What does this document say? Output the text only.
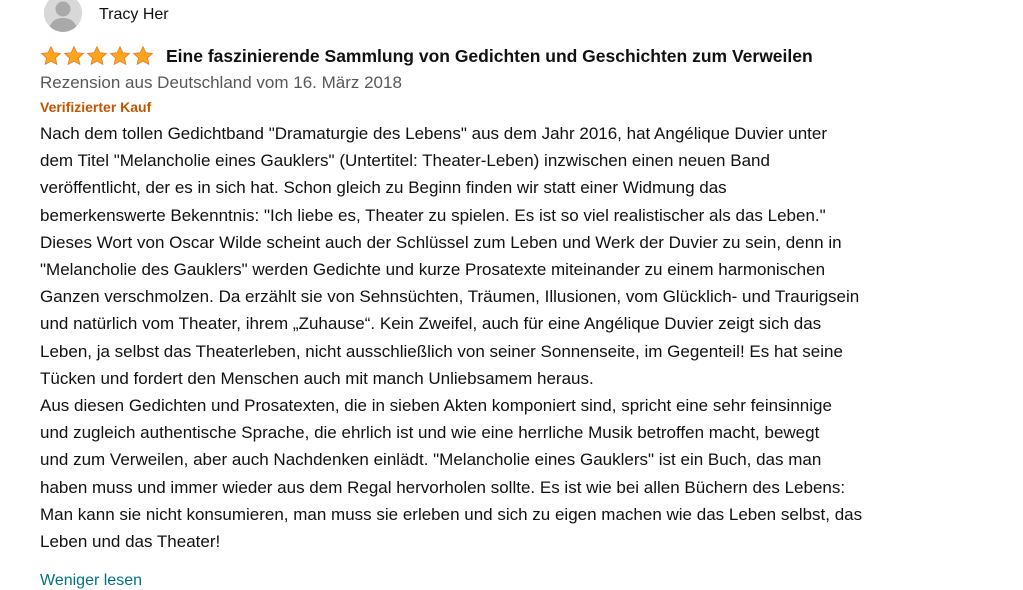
Tracy Her
Eine faszinierende Sammlung von Gedichten und Geschichten zum Verweilen
Rezension aus Deutschland vom 16. März 2018
Verifizierter Kauf

Nach dem tollen Gedichtband "Dramaturgie des Lebens" aus dem Jahr 2016, hat Angélique Duvier unter
dem Titel "Melancholie eines Gauklers" (Untertitel: Theater-Leben) inzwischen einen neuen Band
veröffentlicht, der es in sich hat. Schon gleich zu Beginn finden wir statt einer Widmung das
bemerkenswerte Bekenntnis: "Ich liebe es, Theater zu spielen. Es ist so viel realistischer als das Leben."
Dieses Wort von Oscar Wilde scheint auch der Schlüssel zum Leben und Werk der Duvier zu sein, denn in
"Melancholie des Gauklers" werden Gedichte und kurze Prosatexte miteinander zu einem harmonischen
Ganzen verschmolzen. Da erzählt sie von Sehnsüchten, Träumen, Illusionen, vom Glücklich- und Traurigsein
und natürlich vom Theater, ihrem „Zuhause“. Kein Zweifel, auch für eine Angélique Duvier zeigt sich das
Leben, ja selbst das Theaterleben, nicht ausschließlich von seiner Sonnenseite, im Gegenteil! Es hat seine
Tücken und fordert den Menschen auch mit manch Unliebsamem heraus.

Aus diesen Gedichten und Prosatexten, die in sieben Akten komponiert sind, spricht eine sehr feinsinnige
und zugleich authentische Sprache, die ehrlich ist und wie eine herrliche Musik betroffen macht, bewegt
und zum Verweilen, aber auch Nachdenken einlädt. "Melancholie eines Gauklers" ist ein Buch, das man
haben muss und immer wieder aus dem Regal hervorholen sollte. Es ist wie bei allen Büchern des Lebens:
Man kann sie nicht konsumieren, man muss sie erleben und sich zu eigen machen wie das Leben selbst, das
Leben und das Theater!

Weniger lesen
